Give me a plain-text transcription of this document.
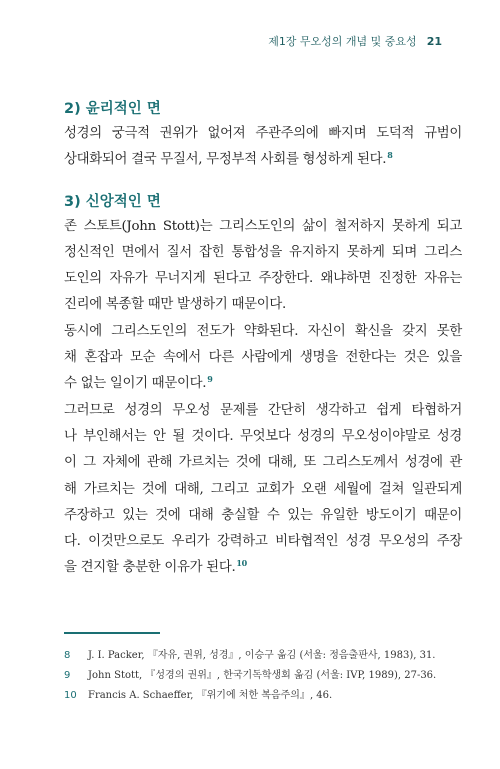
제1장 무오성의 개념 및 중요성 21
2) 윤리적인 면

성경의 궁극적 권위가 없어져 주관주의에 빠지며 도덕적 규범이
상대화되어 결국 무질서, 무정부적 사회를 형성하게 된다.$^8$

3) 신앙적인 면

존 스토트(John Stott)는 그리스도인의 삶이 철저하지 못하게 되고
정신적인 면에서 질서 잡힌 통합성을 유지하지 못하게 되며 그리스
도인의 자유가 무너지게 된다고 주장한다. 왜냐하면 진정한 자유는
진리에 복종할 때만 발생하기 때문이다.

동시에 그리스도인의 전도가 약화된다. 자신이 확신을 갖지 못한
채 혼잡과 모순 속에서 다른 사람에게 생명을 전한다는 것은 있을
수 없는 일이기 때문이다.$^9$

그러므로 성경의 무오성 문제를 간단히 생각하고 쉽게 타협하거
나 부인해서는 안 될 것이다. 무엇보다 성경의 무오성이야말로 성경
이 그 자체에 관해 가르치는 것에 대해, 또 그리스도께서 성경에 관
해 가르치는 것에 대해, 그리고 교회가 오랜 세월에 걸쳐 일관되게
주장하고 있는 것에 대해 충실할 수 있는 유일한 방도이기 때문이
다. 이것만으로도 우리가 강력하고 비타협적인 성경 무오성의 주장
을 견지할 충분한 이유가 된다.$^{10}$

8 J. I. Packer, 『자유, 권위, 성경』, 이승구 옮김 (서울: 정음출판사, 1983), 31.
9 John Stott, 『성경의 권위』, 한국기독학생회 옮김 (서울: IVP, 1989), 27-36.
10 Francis A. Schaeffer, 『위기에 처한 복음주의』, 46.
